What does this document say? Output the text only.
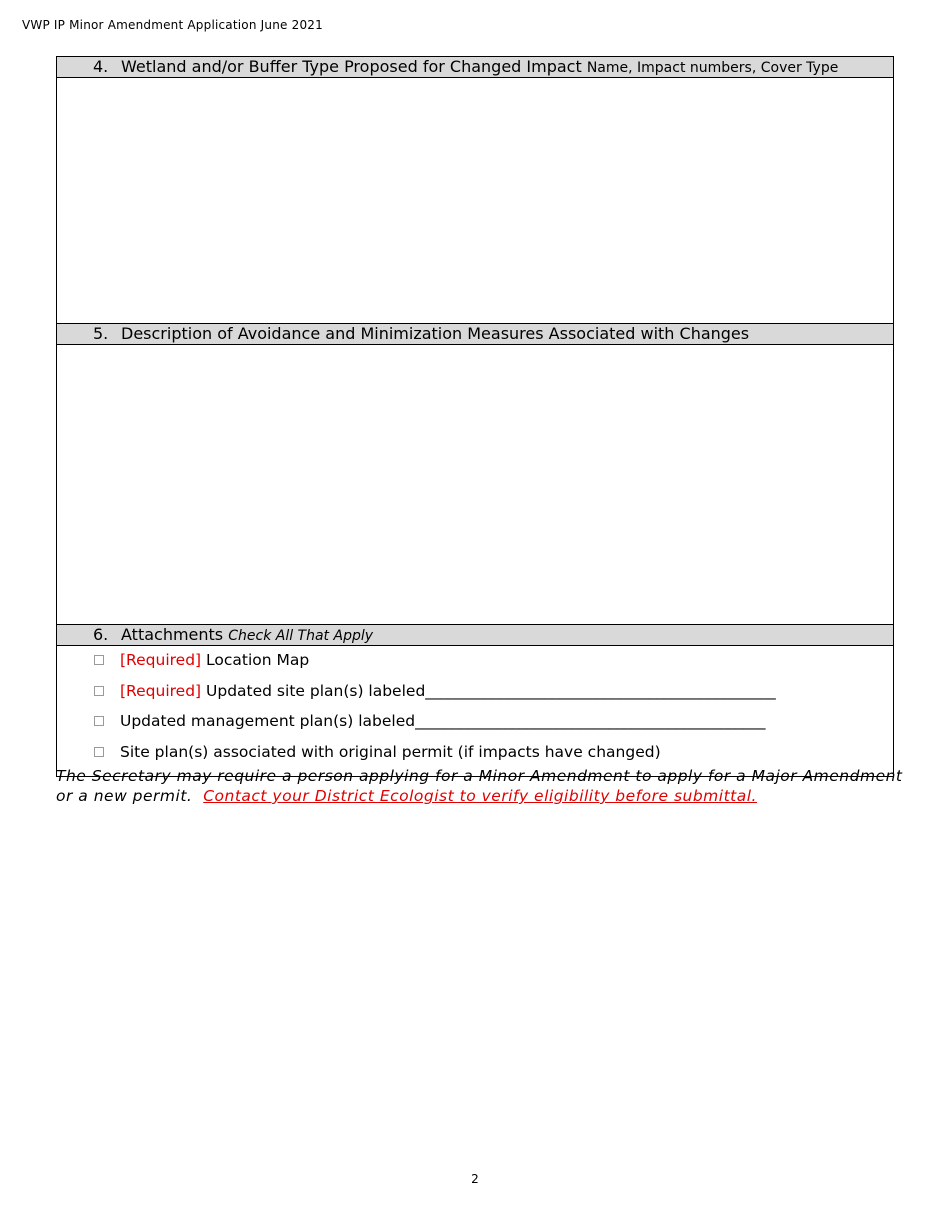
VWP IP Minor Amendment Application June 2021
4. Wetland and/or Buffer Type Proposed for Changed Impact Name, Impact numbers, Cover Type
5. Description of Avoidance and Minimization Measures Associated with Changes
6. Attachments Check All That Apply
[Required] Location Map
[Required] Updated site plan(s) labeled_______________________________________________
Updated management plan(s) labeled_______________________________________________
Site plan(s) associated with original permit (if impacts have changed)
The Secretary may require a person applying for a Minor Amendment to apply for a Major Amendment or a new permit. Contact your District Ecologist to verify eligibility before submittal.
2
